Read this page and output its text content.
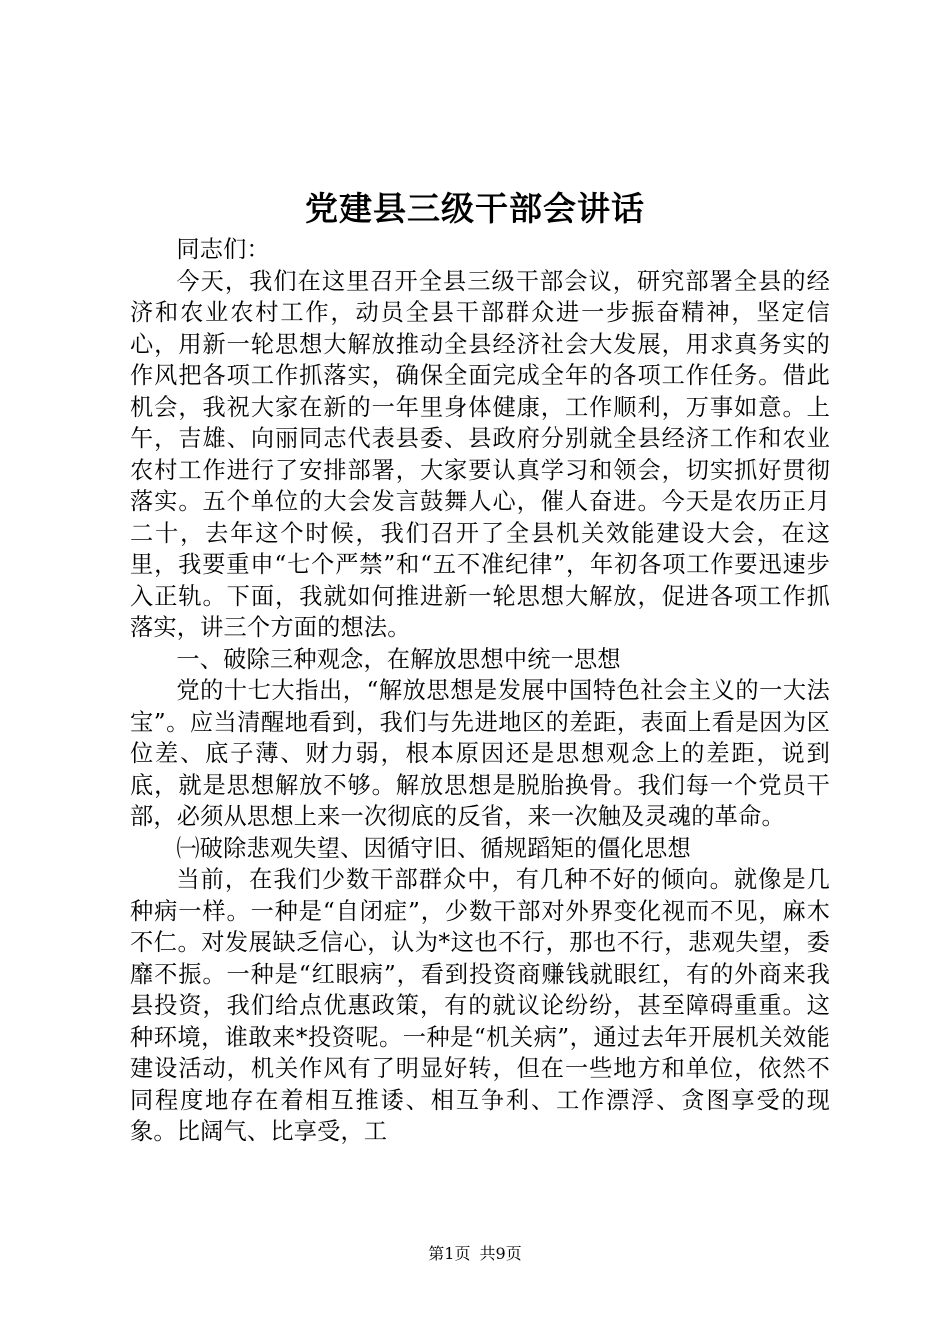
党建县三级干部会讲话

同志们：

今天，我们在这里召开全县三级干部会议，研究部署全县的经济和农业农村工作，动员全县干部群众进一步振奋精神，坚定信心，用新一轮思想大解放推动全县经济社会大发展，用求真务实的作风把各项工作抓落实，确保全面完成全年的各项工作任务。借此机会，我祝大家在新的一年里身体健康，工作顺利，万事如意。上午，吉雄、向丽同志代表县委、县政府分别就全县经济工作和农业农村工作进行了安排部署，大家要认真学习和领会，切实抓好贯彻落实。五个单位的大会发言鼓舞人心，催人奋进。今天是农历正月二十，去年这个时候，我们召开了全县机关效能建设大会，在这里，我要重申“七个严禁”和“五不准纪律”，年初各项工作要迅速步入正轨。下面，我就如何推进新一轮思想大解放，促进各项工作抓落实，讲三个方面的想法。

一、破除三种观念，在解放思想中统一思想

党的十七大指出，“解放思想是发展中国特色社会主义的一大法宝”。应当清醒地看到，我们与先进地区的差距，表面上看是因为区位差、底子薄、财力弱，根本原因还是思想观念上的差距，说到底，就是思想解放不够。解放思想是脱胎换骨。我们每一个党员干部，必须从思想上来一次彻底的反省，来一次触及灵魂的革命。

㈠破除悲观失望、因循守旧、循规蹈矩的僵化思想

当前，在我们少数干部群众中，有几种不好的倾向。就像是几种病一样。一种是“自闭症”，少数干部对外界变化视而不见，麻木不仁。对发展缺乏信心，认为*这也不行，那也不行，悲观失望，委靡不振。一种是“红眼病”，看到投资商赚钱就眼红，有的外商来我县投资，我们给点优惠政策，有的就议论纷纷，甚至障碍重重。这种环境，谁敢来*投资呢。一种是“机关病”，通过去年开展机关效能建设活动，机关作风有了明显好转，但在一些地方和单位，依然不同程度地存在着相互推诿、相互争利、工作漂浮、贪图享受的现象。比阔气、比享受，工

第1页 共9页
